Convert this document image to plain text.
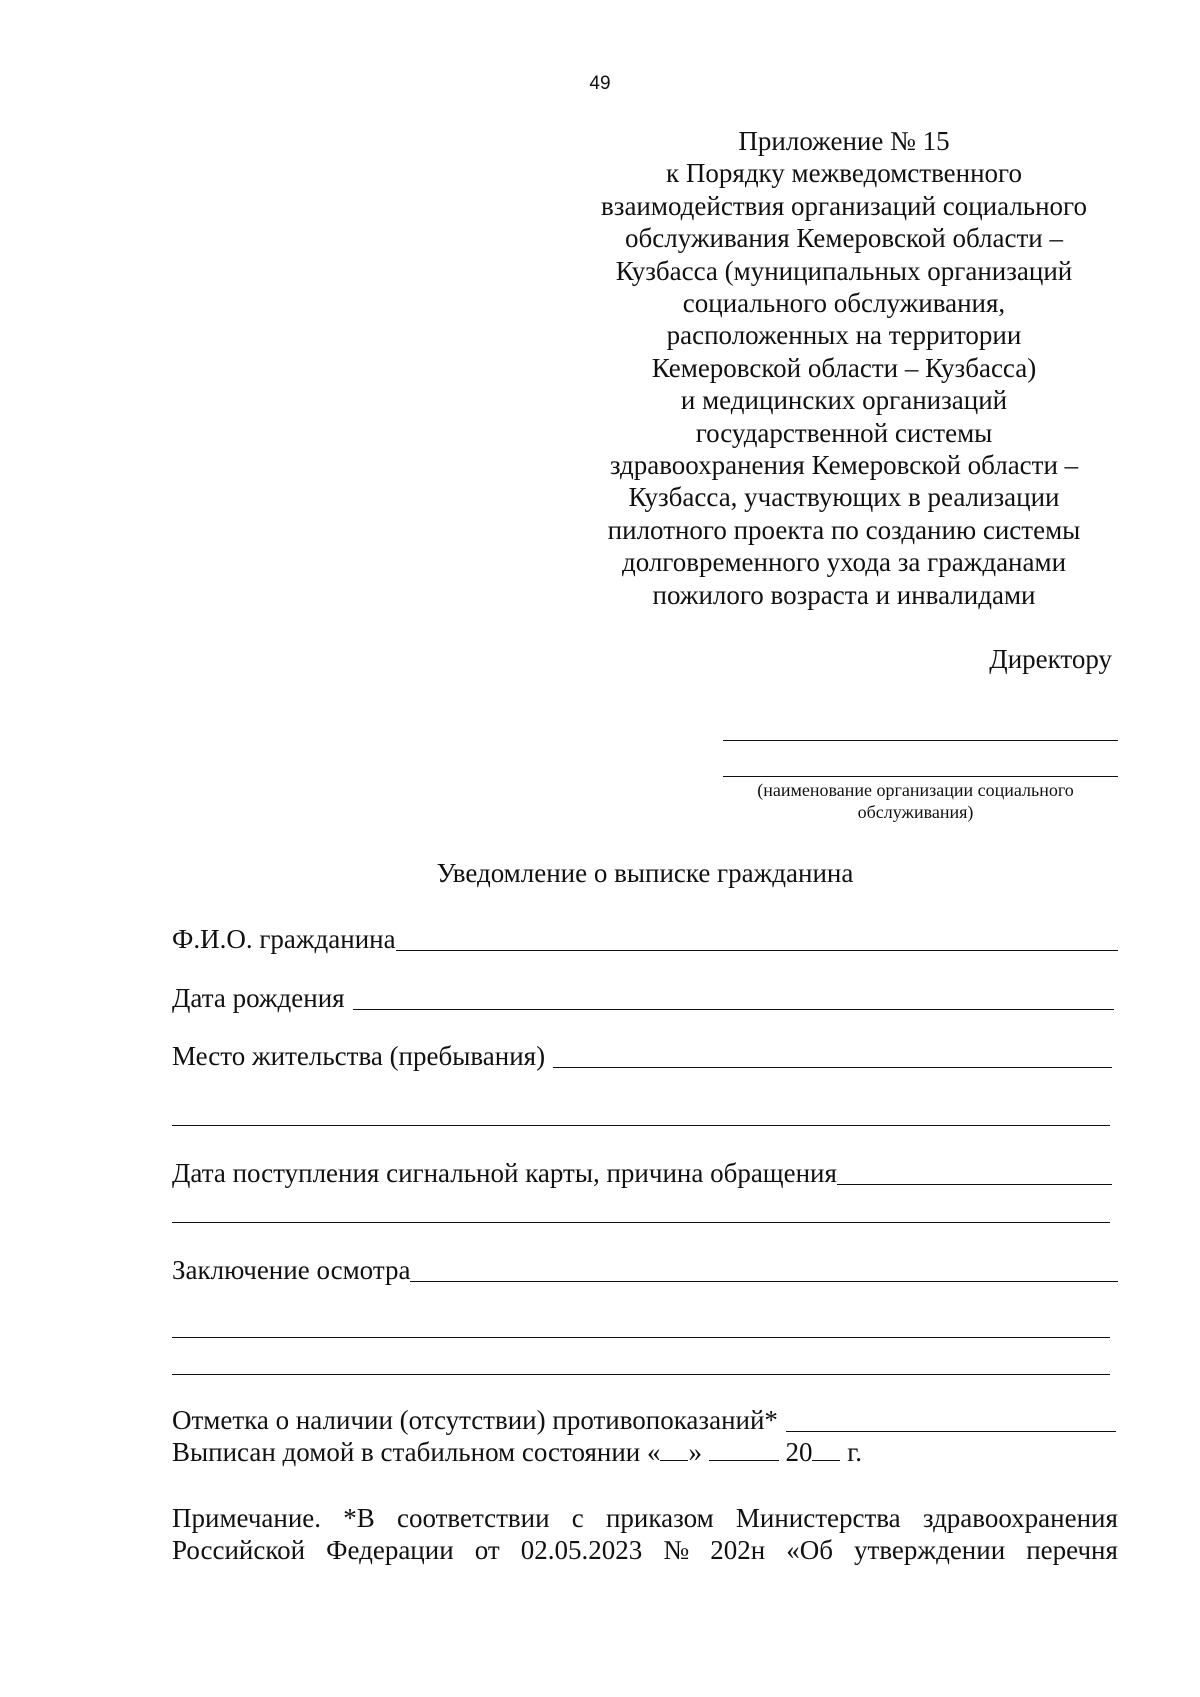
49
Приложение № 15
к Порядку межведомственного
взаимодействия организаций социального
обслуживания Кемеровской области –
Кузбасса (муниципальных организаций
социального обслуживания,
расположенных на территории
Кемеровской области – Кузбасса)
и медицинских организаций
государственной системы
здравоохранения Кемеровской области –
Кузбасса, участвующих в реализации
пилотного проекта по созданию системы
долговременного ухода за гражданами
пожилого возраста и инвалидами
Директору
(наименование организации социального
обслуживания)
Уведомление о выписке гражданина
Ф.И.О. гражданина
Дата рождения
Место жительства (пребывания)
Дата поступления сигнальной карты, причина обращения
Заключение осмотра
Отметка о наличии (отсутствии) противопоказаний*
Выписан домой в стабильном состоянии « »	20 г.
Примечание. *В соответствии с приказом Министерства здравоохранения
Российской Федерации от 02.05.2023 № 202н «Об утверждении перечня
